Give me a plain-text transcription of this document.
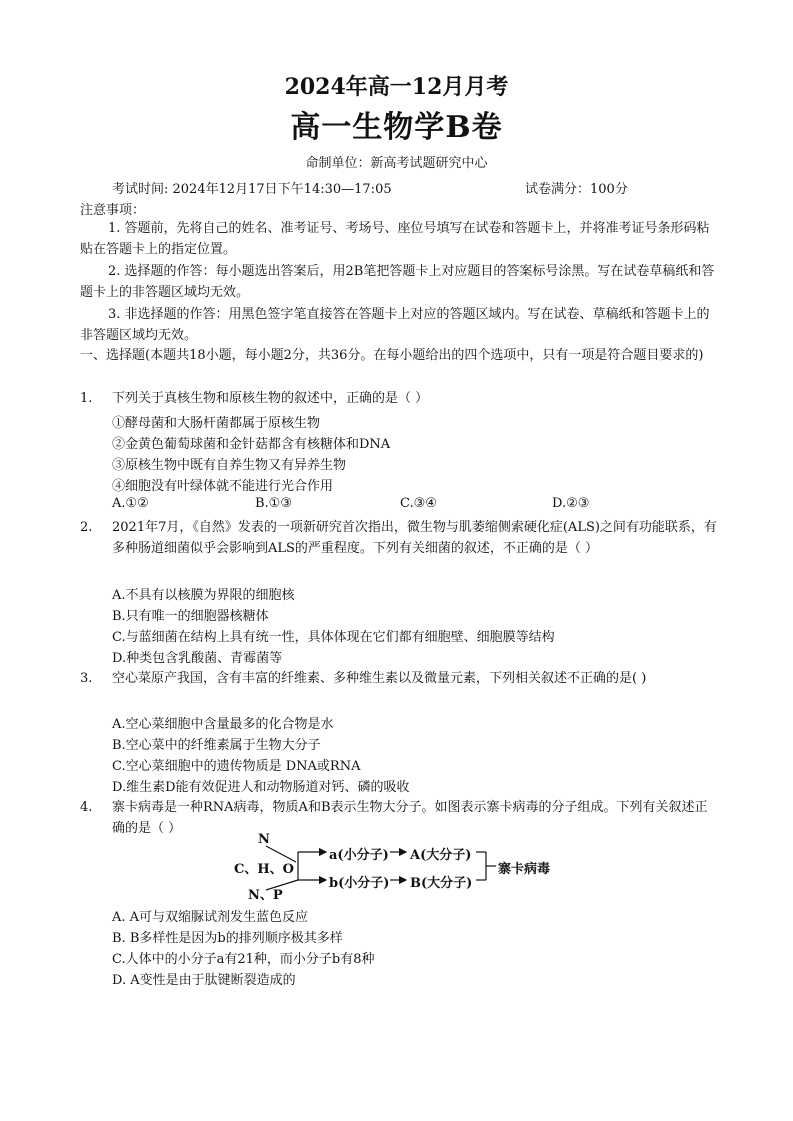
2024年高一12月月考
高一生物学B卷
命制单位：新高考试题研究中心
考试时间: 2024年12月17日下午14:30—17:05	试卷满分：100分
注意事项：
1. 答题前，先将自己的姓名、准考证号、考场号、座位号填写在试卷和答题卡上，并将准考证号条形码粘贴在答题卡上的指定位置。
2. 选择题的作答：每小题选出答案后，用2B笔把答题卡上对应题目的答案标号涂黑。写在试卷草稿纸和答题卡上的非答题区域均无效。
3. 非选择题的作答：用黑色签字笔直接答在答题卡上对应的答题区域内。写在试卷、草稿纸和答题卡上的非答题区域均无效。
一、选择题(本题共18小题，每小题2分，共36分。在每小题给出的四个选项中，只有一项是符合题目要求的)
1. 下列关于真核生物和原核生物的叙述中，正确的是（ ）
①酵母菌和大肠杆菌都属于原核生物
②金黄色葡萄球菌和金针菇都含有核糖体和DNA
③原核生物中既有自养生物又有异养生物
④细胞没有叶绿体就不能进行光合作用
A.①②	B.①③	C.③④	D.②③
2. 2021年7月，《自然》发表的一项新研究首次指出，微生物与肌萎缩侧索硬化症(ALS)之间有功能联系，有多种肠道细菌似乎会影响到ALS的严重程度。下列有关细菌的叙述，不正确的是（ ）
A.不具有以核膜为界限的细胞核
B.只有唯一的细胞器核糖体
C.与蓝细菌在结构上具有统一性，具体体现在它们都有细胞壁、细胞膜等结构
D.种类包含乳酸菌、青霉菌等
3. 空心菜原产我国，含有丰富的纤维素、多种维生素以及微量元素，下列相关叙述不正确的是( )
A.空心菜细胞中含量最多的化合物是水
B.空心菜中的纤维素属于生物大分子
C.空心菜细胞中的遗传物质是 DNA或RNA
D.维生素D能有效促进人和动物肠道对钙、磷的吸收
4. 寨卡病毒是一种RNA病毒，物质A和B表示生物大分子。如图表示寨卡病毒的分子组成。下列有关叙述正确的是（ ）
N
C、H、O
N、P
a(小分子) A(大分子)
b(小分子) B(大分子)
寨卡病毒
A. A可与双缩脲试剂发生蓝色反应
B. B多样性是因为b的排列顺序极其多样
C.人体中的小分子a有21种，而小分子b有8种
D. A变性是由于肽键断裂造成的
